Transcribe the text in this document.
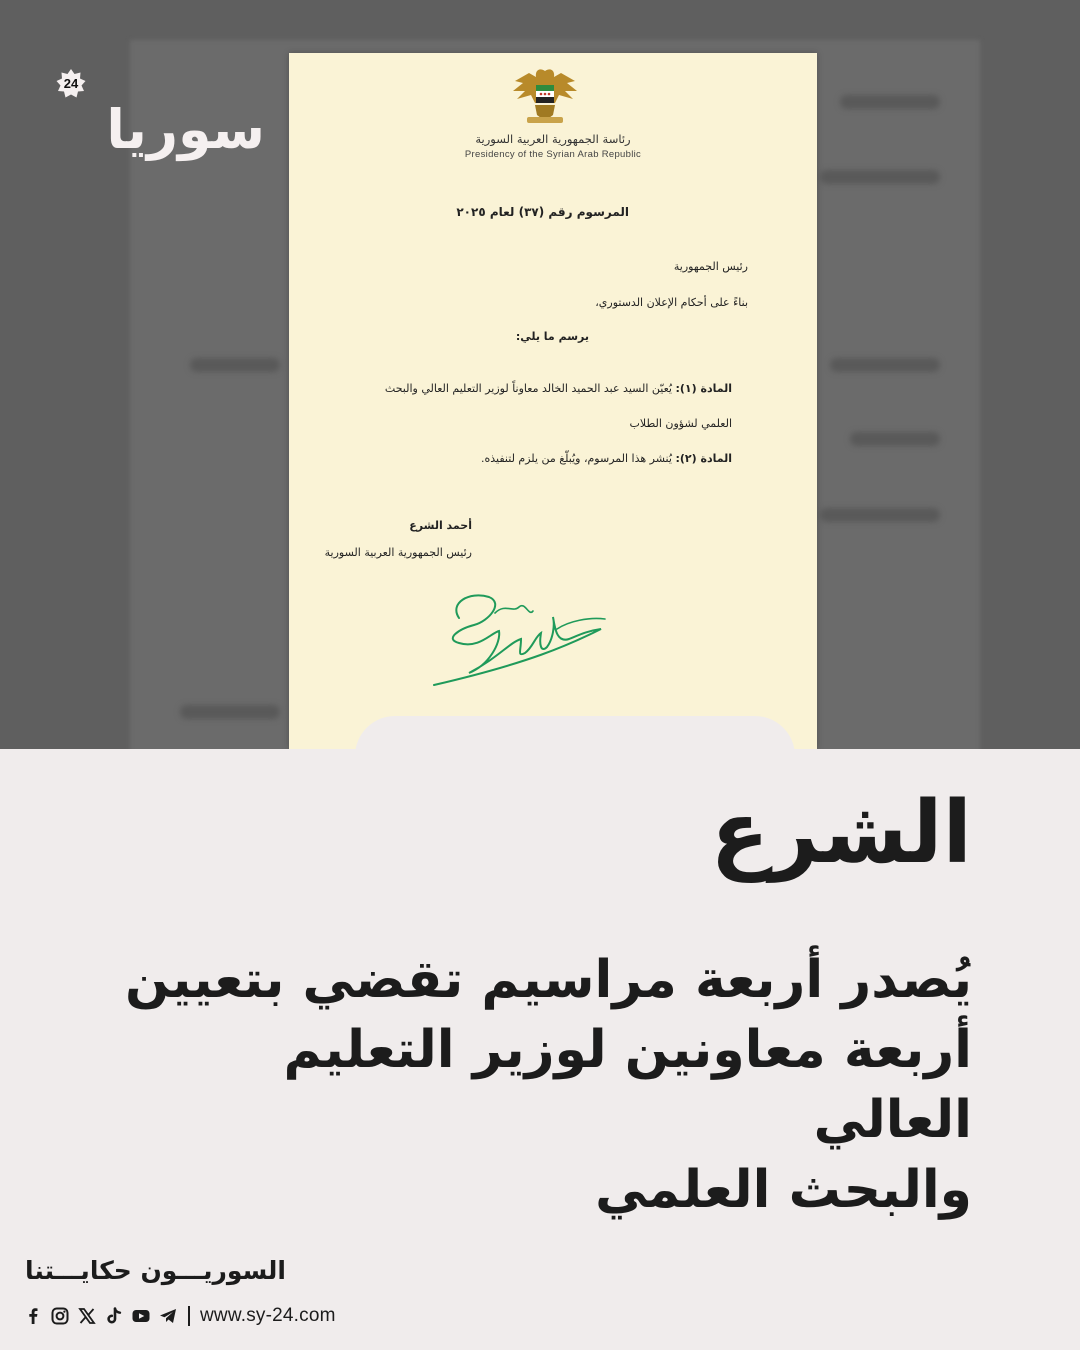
رئاسة الجمهورية العربية السورية
Presidency of the Syrian Arab Republic
المرسوم رقم (٣٧) لعام ٢٠٢٥
رئيس الجمهورية
بناءً على أحكام الإعلان الدستوري،
يرسم ما يلي:
المادة (١): يُعيّن السيد عبد الحميد الخالد معاوناً لوزير التعليم العالي والبحث
العلمي لشؤون الطلاب
المادة (٢): يُنشر هذا المرسوم، ويُبلّغ من يلزم لتنفيذه.
أحمد الشرع
رئيس الجمهورية العربية السورية
24
سوريا
الشرع
يُصدر أربعة مراسيم تقضي بتعيين
أربعة معاونين لوزير التعليم العالي
والبحث العلمي
السوريـــون حكايـــتنا
www.sy-24.com
